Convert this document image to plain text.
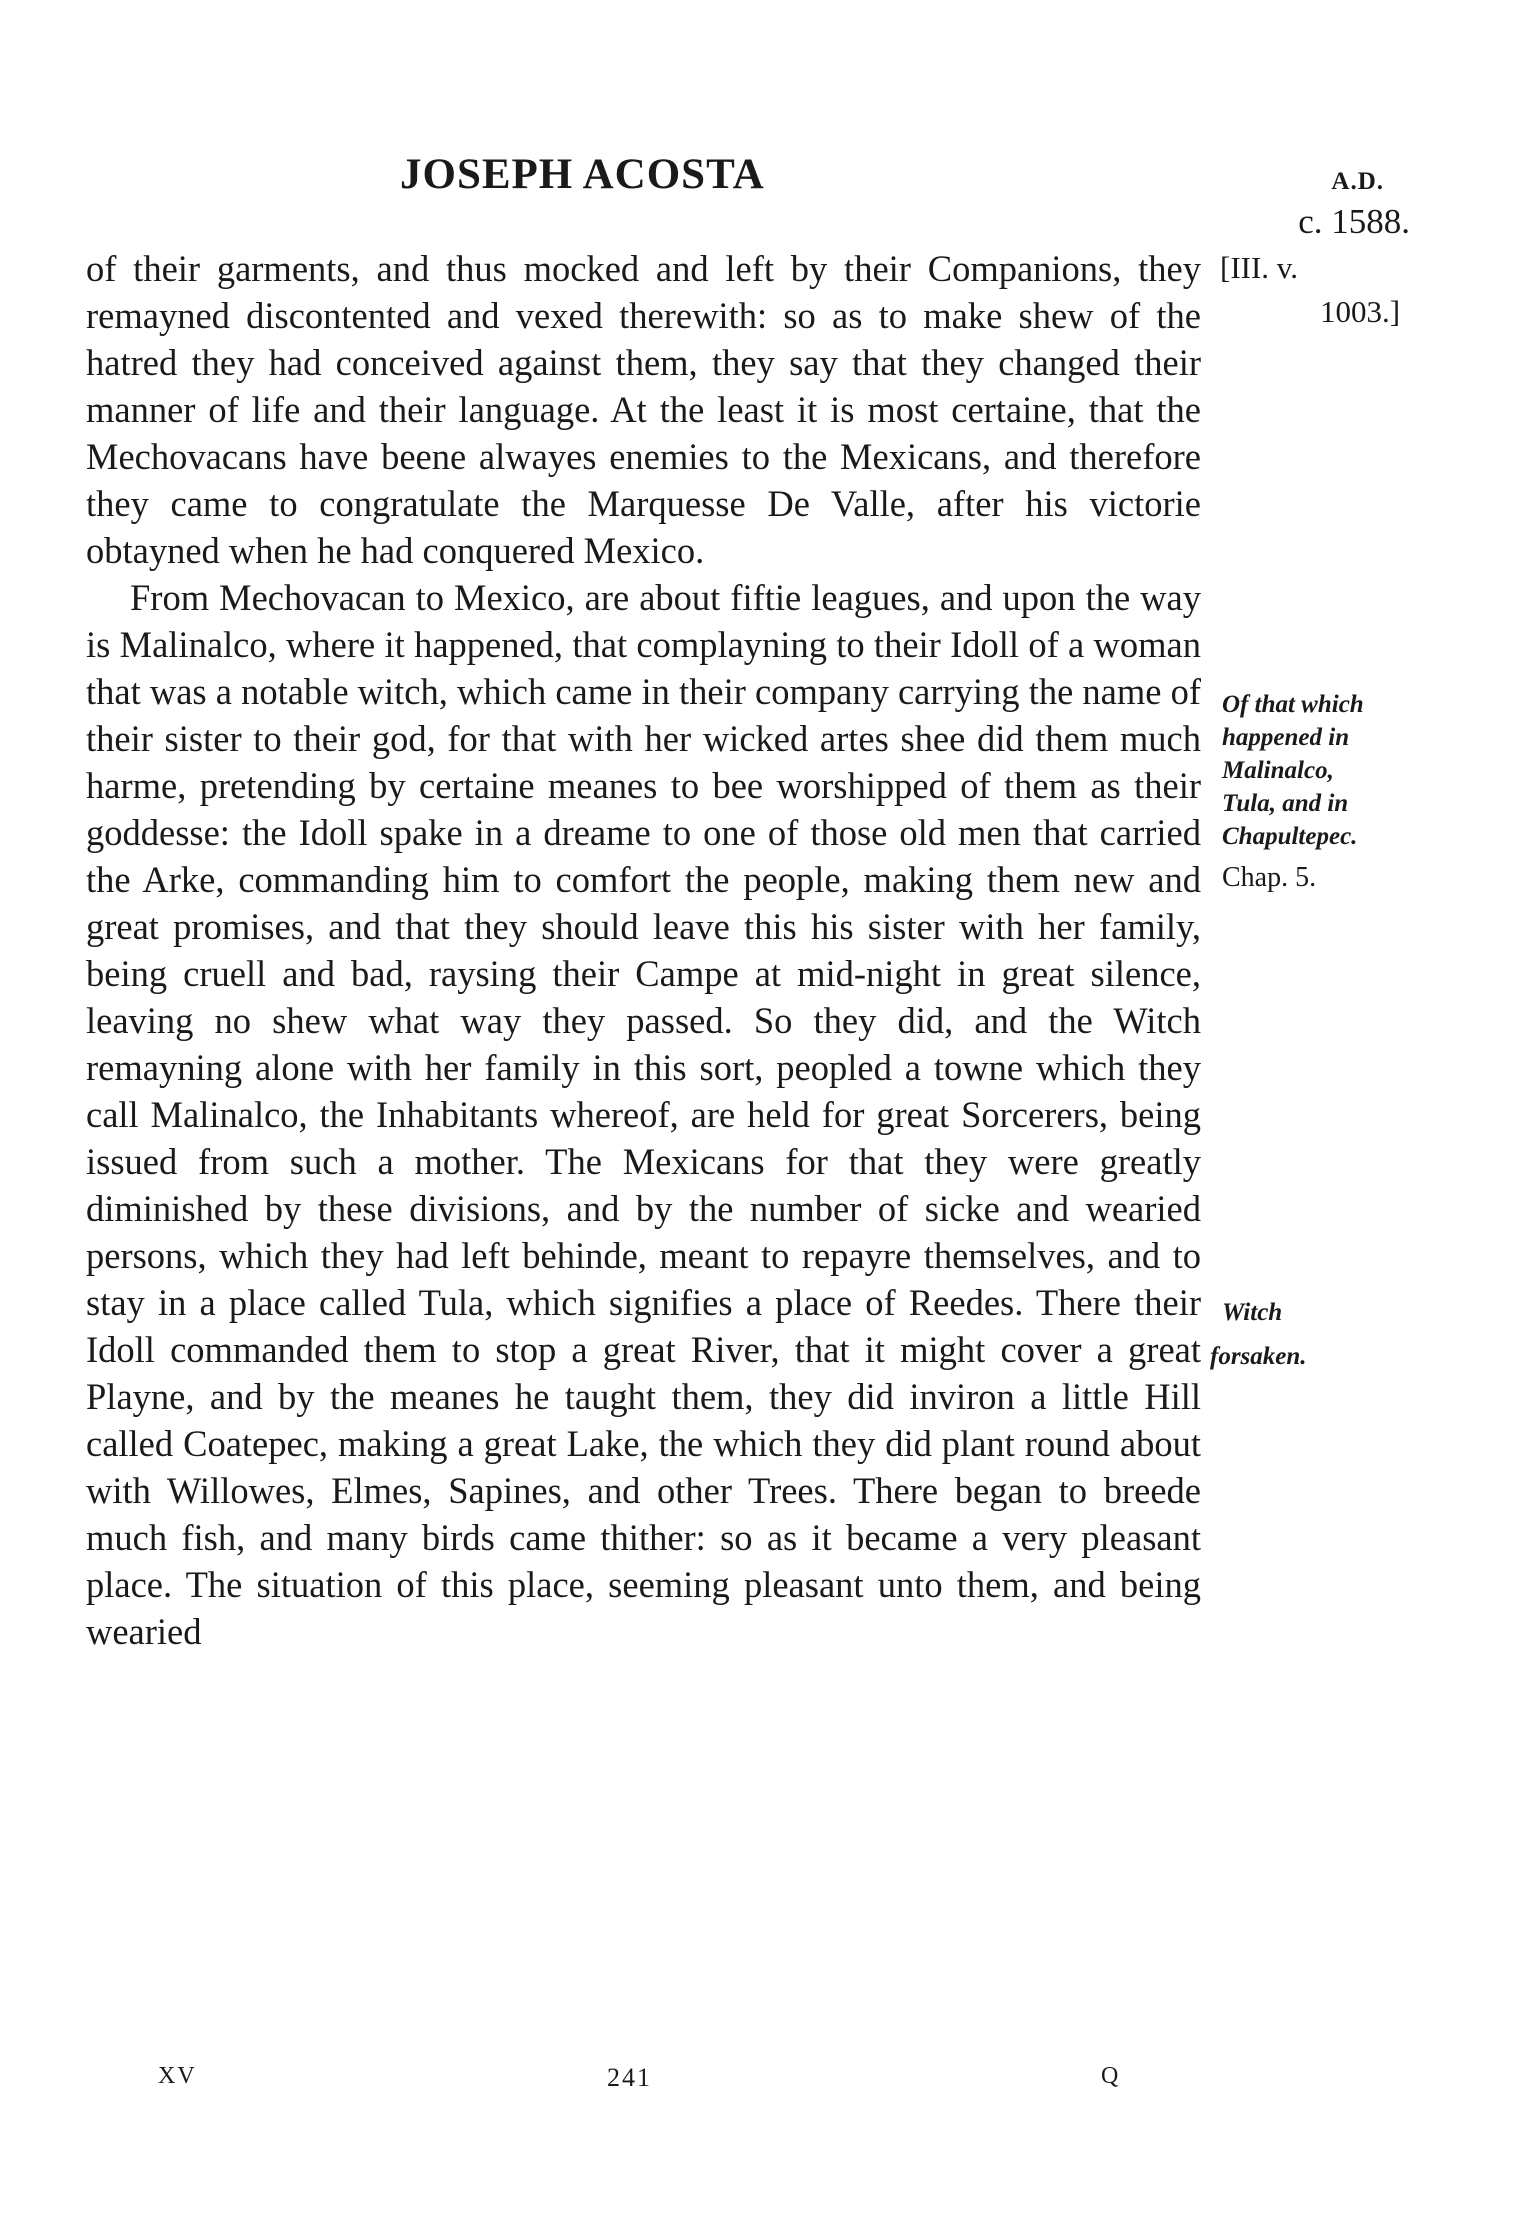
JOSEPH ACOSTA	A.D.
c. 1588.
[III. v.
1003.]

of their garments, and thus mocked and left by their Companions, they remayned discontented and vexed therewith: so as to make shew of the hatred they had conceived against them, they say that they changed their manner of life and their language. At the least it is most certaine, that the Mechovacans have beene alwayes enemies to the Mexicans, and therefore they came to congratulate the Marquesse De Valle, after his victorie obtayned when he had conquered Mexico.

From Mechovacan to Mexico, are about fiftie leagues, and upon the way is Malinalco, where it happened, that complayning to their Idoll of a woman that was a notable witch, which came in their company carrying the name of their sister to their god, for that with her wicked artes shee did them much harme, pretending by certaine meanes to bee worshipped of them as their goddesse: the Idoll spake in a dreame to one of those old men that carried the Arke, commanding him to comfort the people, making them new and great promises, and that they should leave this his sister with her family, being cruell and bad, raysing their Campe at mid-night in great silence, leaving no shew what way they passed. So they did, and the Witch remayning alone with her family in this sort, peopled a towne which they call Malinalco, the Inhabitants whereof, are held for great Sorcerers, being issued from such a mother. The Mexicans for that they were greatly diminished by these divisions, and by the number of sicke and wearied persons, which they had left behinde, meant to repayre themselves, and to stay in a place called Tula, which signifies a place of Reedes. There their Idoll commanded them to stop a great River, that it might cover a great Playne, and by the meanes he taught them, they did inviron a little Hill called Coatepec, making a great Lake, the which they did plant round about with Willowes, Elmes, Sapines, and other Trees. There began to breede much fish, and many birds came thither: so as it became a very pleasant place. The situation of this place, seeming pleasant unto them, and being wearied

Of that which
happened in
Malinalco,
Tula, and in
Chapultepec.
Chap. 5.
Witch
forsaken.
XV	241	Q
